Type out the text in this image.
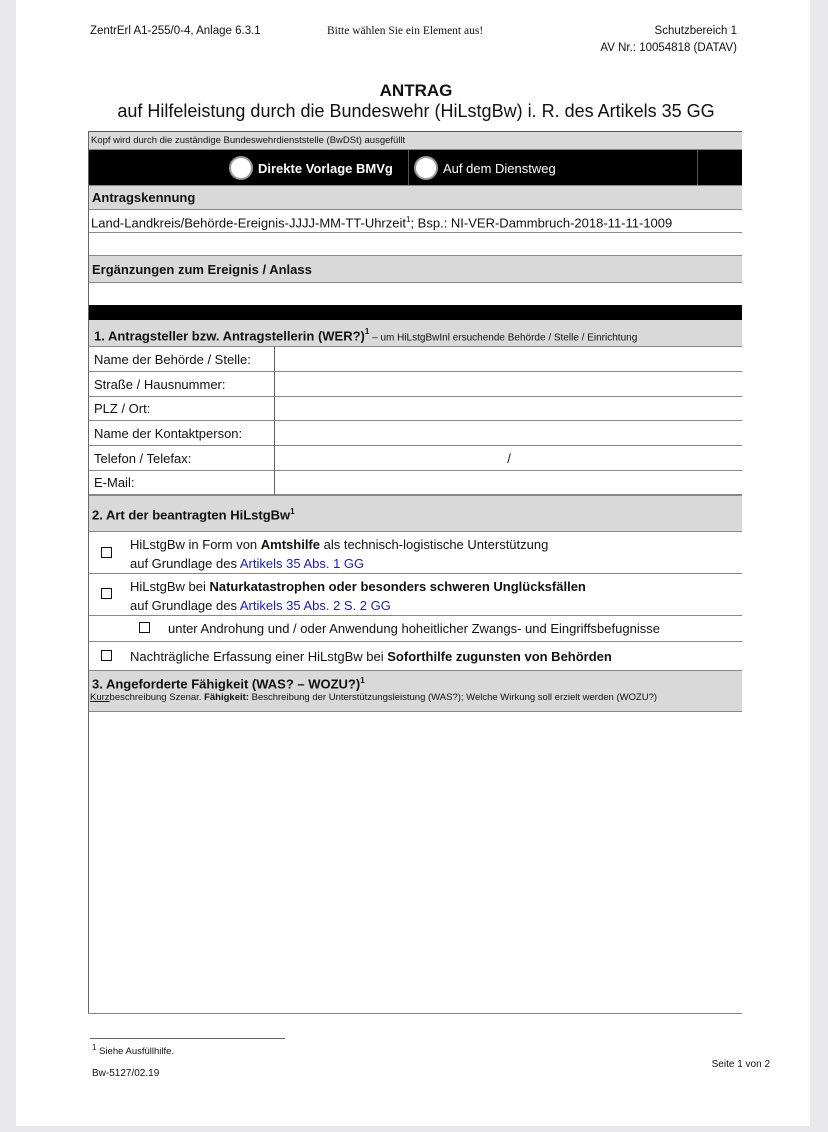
ZentrErl A1-255/0-4, Anlage 6.3.1	Bitte wählen Sie ein Element aus!	Schutzbereich 1
AV Nr.: 10054818 (DATAV)
ANTRAG
auf Hilfeleistung durch die Bundeswehr (HiLstgBw) i. R. des Artikels 35 GG
Kopf wird durch die zuständige Bundeswehrdienststelle (BwDSt) ausgefüllt
Direkte Vorlage BMVg	Auf dem Dienstweg
Antragskennung
Land-Landkreis/Behörde-Ereignis-JJJJ-MM-TT-Uhrzeit$^1$; Bsp.: NI-VER-Dammbruch-2018-11-11-1009
Ergänzungen zum Ereignis / Anlass
1. Antragsteller bzw. Antragstellerin (WER?)$^1$ – um HiLstgBwInl ersuchende Behörde / Stelle / Einrichtung
Name der Behörde / Stelle:
Straße / Hausnummer:
PLZ / Ort:
Name der Kontaktperson:
Telefon / Telefax:	/
E-Mail:
2. Art der beantragten HiLstgBw$^1$
HiLstgBw in Form von Amtshilfe als technisch-logistische Unterstützung
auf Grundlage des Artikels 35 Abs. 1 GG
HiLstgBw bei Naturkatastrophen oder besonders schweren Unglücksfällen
auf Grundlage des Artikels 35 Abs. 2 S. 2 GG
unter Androhung und / oder Anwendung hoheitlicher Zwangs- und Eingriffsbefugnisse
Nachträgliche Erfassung einer HiLstgBw bei Soforthilfe zugunsten von Behörden
3. Angeforderte Fähigkeit (WAS? – WOZU?)$^1$
Kurzbeschreibung Szenar. Fähigkeit: Beschreibung der Unterstützungsleistung (WAS?); Welche Wirkung soll erzielt werden (WOZU?)
$^1$ Siehe Ausfüllhilfe.
Bw-5127/02.19
Seite 1 von 2
